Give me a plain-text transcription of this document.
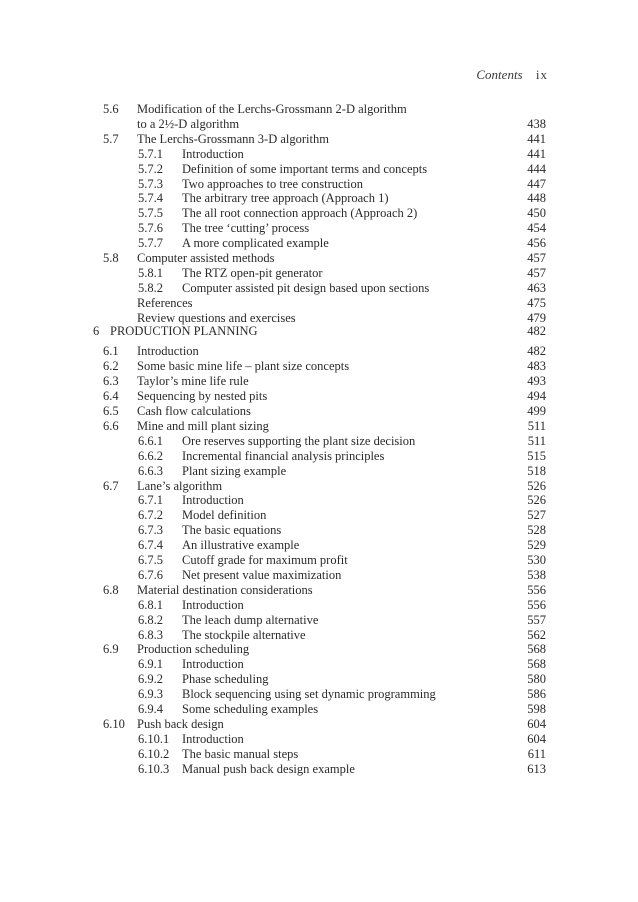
Contents ix
6 PRODUCTION PLANNING	482
5.6 Modification of the Lerchs-Grossmann 2-D algorithm
to a 2½-D algorithm	438
5.7 The Lerchs-Grossmann 3-D algorithm	441
5.7.1 Introduction	441
5.7.2 Definition of some important terms and concepts	444
5.7.3 Two approaches to tree construction	447
5.7.4 The arbitrary tree approach (Approach 1)	448
5.7.5 The all root connection approach (Approach 2)	450
5.7.6 The tree ‘cutting’ process	454
5.7.7 A more complicated example	456
5.8 Computer assisted methods	457
5.8.1 The RTZ open-pit generator	457
5.8.2 Computer assisted pit design based upon sections	463
References	475
Review questions and exercises	479
6.1 Introduction	482
6.2 Some basic mine life – plant size concepts	483
6.3 Taylor’s mine life rule	493
6.4 Sequencing by nested pits	494
6.5 Cash flow calculations	499
6.6 Mine and mill plant sizing	511
6.6.1 Ore reserves supporting the plant size decision	511
6.6.2 Incremental financial analysis principles	515
6.6.3 Plant sizing example	518
6.7 Lane’s algorithm	526
6.7.1 Introduction	526
6.7.2 Model definition	527
6.7.3 The basic equations	528
6.7.4 An illustrative example	529
6.7.5 Cutoff grade for maximum profit	530
6.7.6 Net present value maximization	538
6.8 Material destination considerations	556
6.8.1 Introduction	556
6.8.2 The leach dump alternative	557
6.8.3 The stockpile alternative	562
6.9 Production scheduling	568
6.9.1 Introduction	568
6.9.2 Phase scheduling	580
6.9.3 Block sequencing using set dynamic programming	586
6.9.4 Some scheduling examples	598
6.10 Push back design	604
6.10.1 Introduction	604
6.10.2 The basic manual steps	611
6.10.3 Manual push back design example	613
